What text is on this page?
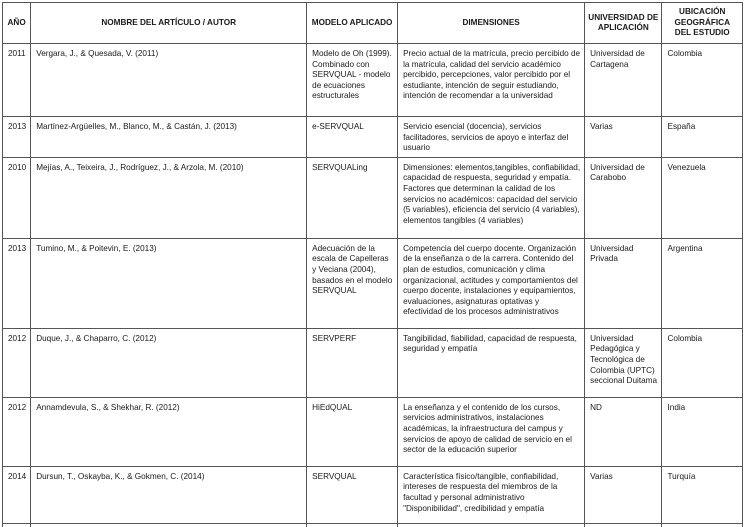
AÑO	NOMBRE DEL ARTÍCULO / AUTOR	MODELO APLICADO	DIMENSIONES	UNIVERSIDAD DE APLICACIÓN	UBICACIÓN GEOGRÁFICA DEL ESTUDIO
2011	Vergara, J., & Quesada, V. (2011)	Modelo de Oh (1999). Combinado con SERVQUAL - modelo de ecuaciones estructurales	Precio actual de la matrícula, precio percibido de la matrícula, calidad del servicio académico percibido, percepciones, valor percibido por el estudiante, intención de seguir estudiando, intención de recomendar a la universidad	Universidad de Cartagena	Colombia
2013	Martínez-Argüelles, M., Blanco, M., & Castán, J. (2013)	e-SERVQUAL	Servicio esencial (docencia), servicios facilitadores, servicios de apoyo e interfaz del usuario	Varias	España
2010	Mejías, A., Teixeira, J., Rodríguez, J., & Arzola, M. (2010)	SERVQUALing	Dimensiones: elementos,tangibles, confiabilidad, capacidad de respuesta, seguridad y empatía. Factores que determinan la calidad de los servicios no académicos: capacidad del servicio (5 variables), eficiencia del servicio (4 variables), elementos tangibles (4 variables)	Universidad de Carabobo	Venezuela
2013	Tumino, M., & Poitevin, E. (2013)	Adecuación de la escala de Capelleras y Veciana (2004), basados en el modelo SERVQUAL	Competencia del cuerpo docente. Organización de la enseñanza o de la carrera. Contenido del plan de estudios, comunicación y clima organizacional, actitudes y comportamientos del cuerpo docente, instalaciones y equipamientos, evaluaciones, asignaturas optativas y efectividad de los procesos administrativos	Universidad Privada	Argentina
2012	Duque, J., & Chaparro, C. (2012)	SERVPERF	Tangibilidad, fiabilidad, capacidad de respuesta, seguridad y empatía	Universidad Pedagógica y Tecnológica de Colombia (UPTC) seccional Duitama	Colombia
2012	Annamdevula, S., & Shekhar, R. (2012)	HiEdQUAL	La enseñanza y el contenido de los cursos, servicios administrativos, instalaciones académicas, la infraestructura del campus y servicios de apoyo de calidad de servicio en el sector de la educación superior	ND	India
2014	Dursun, T., Oskayba, K., & Gokmen, C. (2014)	SERVQUAL	Característica físico/tangible, confiabilidad, intereses de respuesta del miembros de la facultad y personal administrativo "Disponibilidad", credibilidad y empatía	Varias	Turquía
